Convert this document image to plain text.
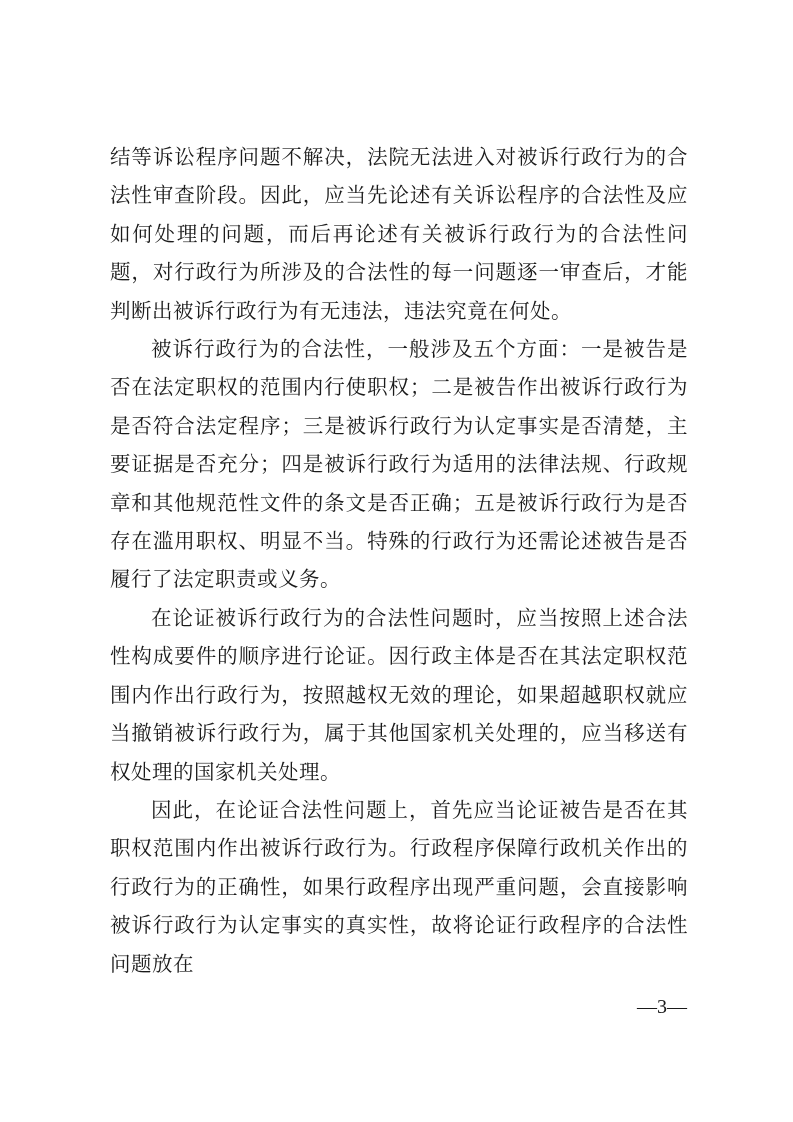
结等诉讼程序问题不解决，法院无法进入对被诉行政行为的合法性审查阶段。因此，应当先论述有关诉讼程序的合法性及应如何处理的问题，而后再论述有关被诉行政行为的合法性问题，对行政行为所涉及的合法性的每一问题逐一审查后，才能判断出被诉行政行为有无违法，违法究竟在何处。

被诉行政行为的合法性，一般涉及五个方面：一是被告是否在法定职权的范围内行使职权；二是被告作出被诉行政行为是否符合法定程序；三是被诉行政行为认定事实是否清楚，主要证据是否充分；四是被诉行政行为适用的法律法规、行政规章和其他规范性文件的条文是否正确；五是被诉行政行为是否存在滥用职权、明显不当。特殊的行政行为还需论述被告是否履行了法定职责或义务。

在论证被诉行政行为的合法性问题时，应当按照上述合法性构成要件的顺序进行论证。因行政主体是否在其法定职权范围内作出行政行为，按照越权无效的理论，如果超越职权就应当撤销被诉行政行为，属于其他国家机关处理的，应当移送有权处理的国家机关处理。

因此，在论证合法性问题上，首先应当论证被告是否在其职权范围内作出被诉行政行为。行政程序保障行政机关作出的行政行为的正确性，如果行政程序出现严重问题，会直接影响被诉行政行为认定事实的真实性，故将论证行政程序的合法性问题放在

—3—
